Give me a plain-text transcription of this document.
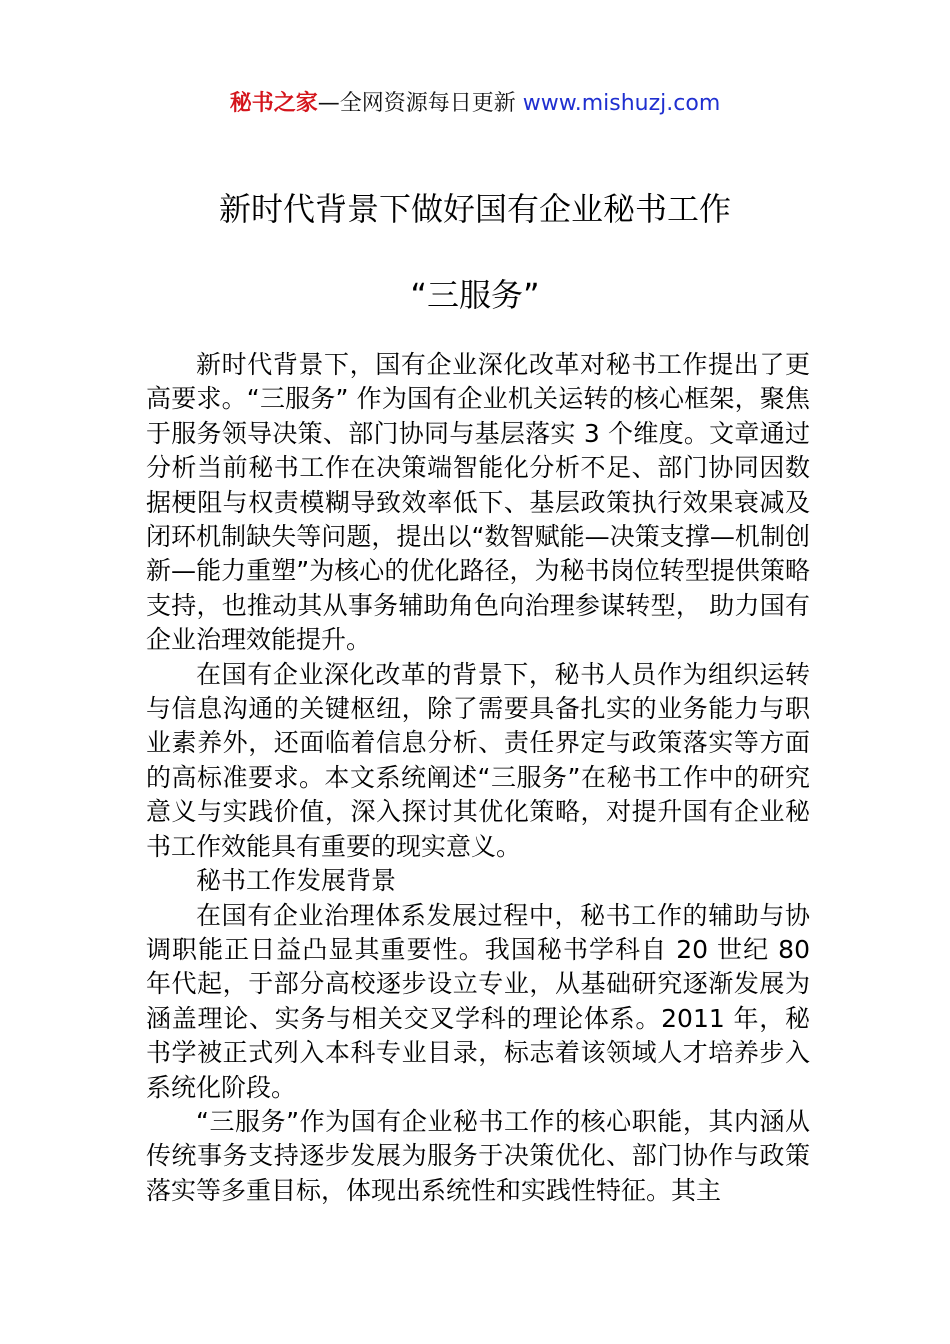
秘书之家—全网资源每日更新 www.mishuzj.com
新时代背景下做好国有企业秘书工作
“三服务”

新时代背景下，国有企业深化改革对秘书工作提出了更高要求。“三服务” 作为国有企业机关运转的核心框架，聚焦于服务领导决策、部门协同与基层落实 3 个维度。文章通过分析当前秘书工作在决策端智能化分析不足、部门协同因数据梗阻与权责模糊导致效率低下、基层政策执行效果衰减及闭环机制缺失等问题，提出以“数智赋能—决策支撑—机制创新—能力重塑”为核心的优化路径，为秘书岗位转型提供策略支持，也推动其从事务辅助角色向治理参谋转型， 助力国有企业治理效能提升。

在国有企业深化改革的背景下，秘书人员作为组织运转与信息沟通的关键枢纽，除了需要具备扎实的业务能力与职业素养外，还面临着信息分析、责任界定与政策落实等方面的高标准要求。本文系统阐述“三服务”在秘书工作中的研究意义与实践价值，深入探讨其优化策略，对提升国有企业秘书工作效能具有重要的现实意义。

秘书工作发展背景

在国有企业治理体系发展过程中，秘书工作的辅助与协调职能正日益凸显其重要性。我国秘书学科自 20 世纪 80 年代起，于部分高校逐步设立专业，从基础研究逐渐发展为涵盖理论、实务与相关交叉学科的理论体系。2011 年，秘书学被正式列入本科专业目录，标志着该领域人才培养步入系统化阶段。

“三服务”作为国有企业秘书工作的核心职能，其内涵从传统事务支持逐步发展为服务于决策优化、部门协作与政策落实等多重目标，体现出系统性和实践性特征。其主
